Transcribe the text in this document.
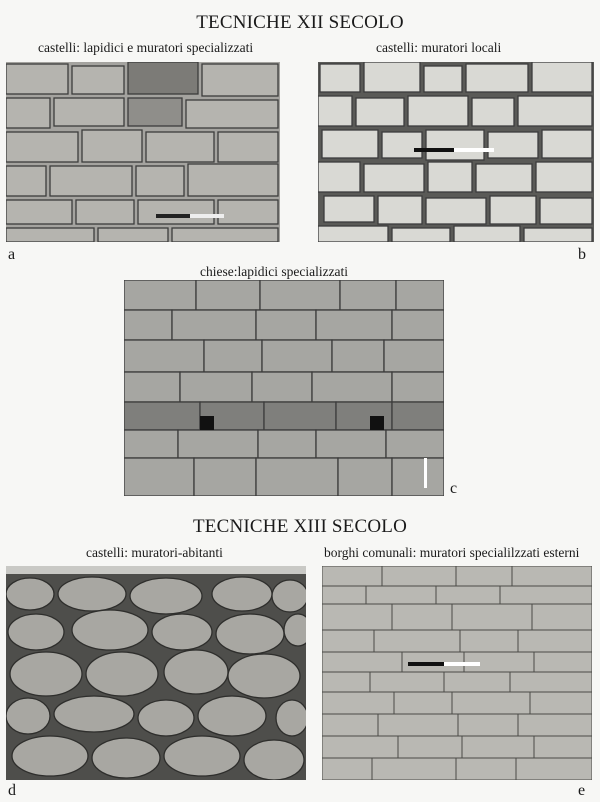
TECNICHE XII SECOLO
castelli: lapidici e muratori specializzati	castelli: muratori locali
a	b
chiese:lapidici specializzati
c
TECNICHE XIII SECOLO
castelli: muratori-abitanti	borghi comunali: muratori specialilzzati esterni
d	e
